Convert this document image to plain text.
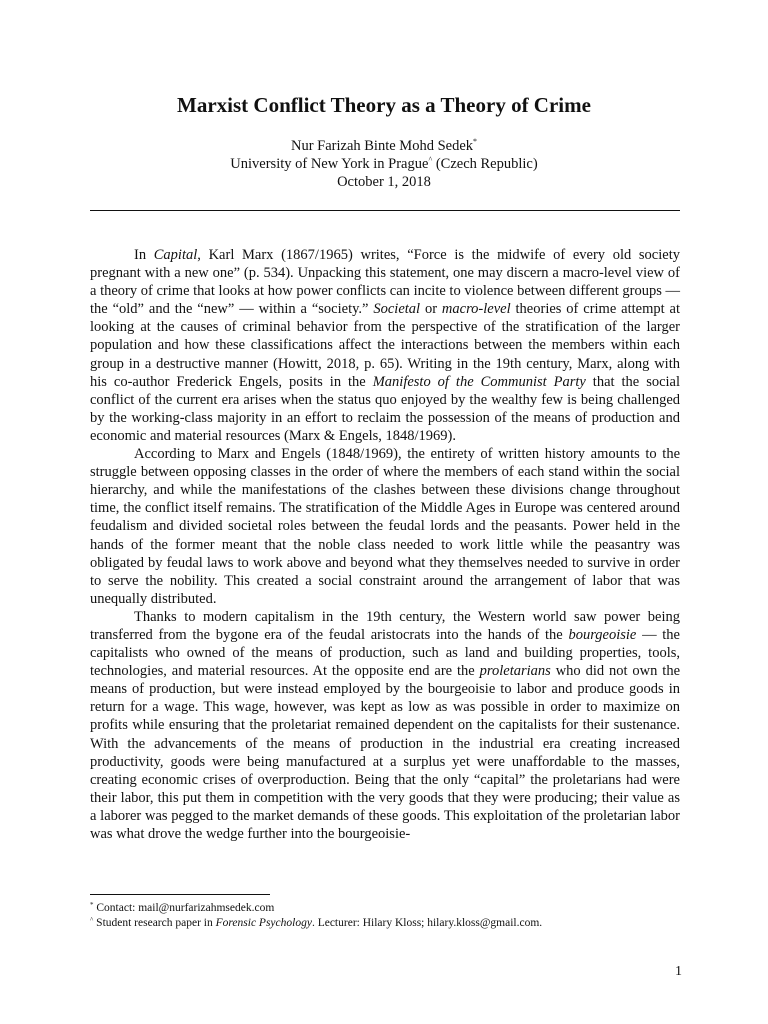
Marxist Conflict Theory as a Theory of Crime
Nur Farizah Binte Mohd Sedek*
University of New York in Prague^ (Czech Republic)
October 1, 2018

In Capital, Karl Marx (1867/1965) writes, “Force is the midwife of every old society pregnant with a new one” (p. 534). Unpacking this statement, one may discern a macro-level view of a theory of crime that looks at how power conflicts can incite to violence between different groups — the “old” and the “new” — within a “society.” Societal or macro-level theories of crime attempt at looking at the causes of criminal behavior from the perspective of the stratification of the larger population and how these classifications affect the interactions between the members within each group in a destructive manner (Howitt, 2018, p. 65). Writing in the 19th century, Marx, along with his co-author Frederick Engels, posits in the Manifesto of the Communist Party that the social conflict of the current era arises when the status quo enjoyed by the wealthy few is being challenged by the working-class majority in an effort to reclaim the possession of the means of production and economic and material resources (Marx & Engels, 1848/1969).

According to Marx and Engels (1848/1969), the entirety of written history amounts to the struggle between opposing classes in the order of where the members of each stand within the social hierarchy, and while the manifestations of the clashes between these divisions change throughout time, the conflict itself remains. The stratification of the Middle Ages in Europe was centered around feudalism and divided societal roles between the feudal lords and the peasants. Power held in the hands of the former meant that the noble class needed to work little while the peasantry was obligated by feudal laws to work above and beyond what they themselves needed to survive in order to serve the nobility. This created a social constraint around the arrangement of labor that was unequally distributed.

Thanks to modern capitalism in the 19th century, the Western world saw power being transferred from the bygone era of the feudal aristocrats into the hands of the bourgeoisie — the capitalists who owned of the means of production, such as land and building properties, tools, technologies, and material resources. At the opposite end are the proletarians who did not own the means of production, but were instead employed by the bourgeoisie to labor and produce goods in return for a wage. This wage, however, was kept as low as was possible in order to maximize on profits while ensuring that the proletariat remained dependent on the capitalists for their sustenance. With the advancements of the means of production in the industrial era creating increased productivity, goods were being manufactured at a surplus yet were unaffordable to the masses, creating economic crises of overproduction. Being that the only “capital” the proletarians had were their labor, this put them in competition with the very goods that they were producing; their value as a laborer was pegged to the market demands of these goods. This exploitation of the proletarian labor was what drove the wedge further into the bourgeoisie-

* Contact: mail@nurfarizahmsedek.com
^ Student research paper in Forensic Psychology. Lecturer: Hilary Kloss; hilary.kloss@gmail.com.
1
